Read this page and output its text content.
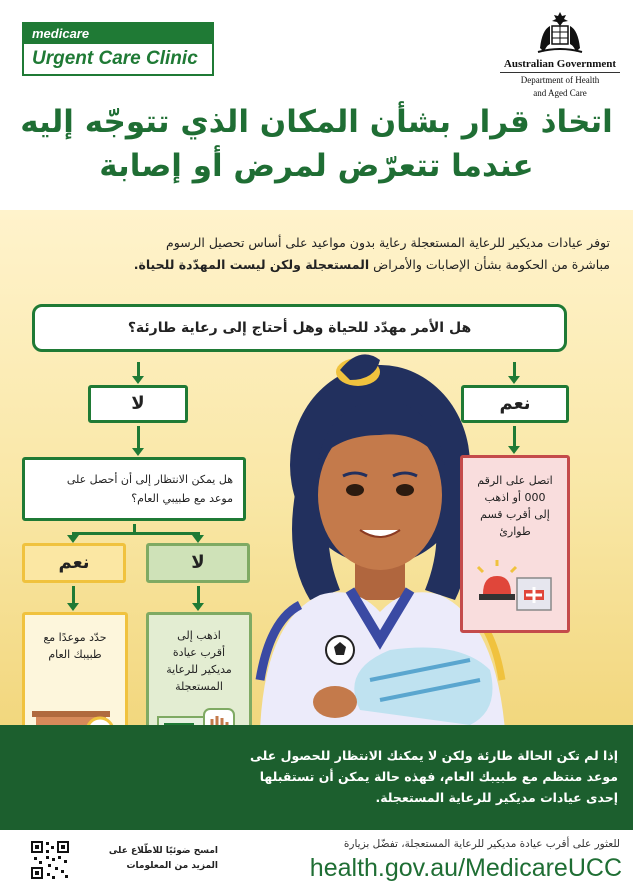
medicare
Urgent Care Clinic	Australian Government
Department of Health
and Aged Care
اتخاذ قرار بشأن المكان الذي تتوجّه إليه
عندما تتعرّض لمرض أو إصابة
توفر عيادات مديكير للرعاية المستعجلة رعاية بدون مواعيد على أساس تحصيل الرسوم
مباشرة من الحكومة بشأن الإصابات والأمراض المستعجلة ولكن ليست المهدّدة للحياة.
هل الأمر مهدّد للحياة وهل أحتاج إلى رعاية طارئة؟
لا	نعم
هل يمكن الانتظار إلى أن أحصل على
موعد مع طبيبي العام؟
نعم	لا
حدّد موعدًا مع
طبيبك العام
اذهب إلى
أقرب عيادة
مديكير للرعاية
المستعجلة
اتصل على الرقم
000 أو اذهب
إلى أقرب قسم
طوارئ
إذا لم تكن الحالة طارئة ولكن لا يمكنك الانتظار للحصول على
موعد منتظم مع طبيبك العام، فهذه حالة يمكن أن تستقبلها
إحدى عيادات مديكير للرعاية المستعجلة.
امسح ضوئيًا للاطّلاع على
المزيد من المعلومات
للعثور على أقرب عيادة مديكير للرعاية المستعجلة، تفضّل بزيارة
health.gov.au/MedicareUCC
